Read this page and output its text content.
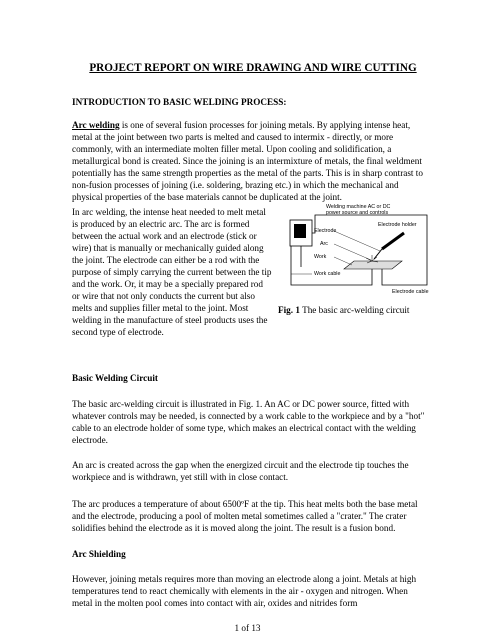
PROJECT REPORT ON WIRE DRAWING AND WIRE CUTTING
INTRODUCTION TO BASIC WELDING PROCESS:

Arc welding is one of several fusion processes for joining metals. By applying intense heat, metal at the joint between two parts is melted and caused to intermix - directly, or more commonly, with an intermediate molten filler metal. Upon cooling and solidification, a metallurgical bond is created. Since the joining is an intermixture of metals, the final weldment potentially has the same strength properties as the metal of the parts. This is in sharp contrast to non-fusion processes of joining (i.e. soldering, brazing etc.) in which the mechanical and physical properties of the base materials cannot be duplicated at the joint.

In arc welding, the intense heat needed to melt metal is produced by an electric arc. The arc is formed between the actual work and an electrode (stick or wire) that is manually or mechanically guided along the joint. The electrode can either be a rod with the purpose of simply carrying the current between the tip and the work. Or, it may be a specially prepared rod or wire that not only conducts the current but also melts and supplies filler metal to the joint. Most welding in the manufacture of steel products uses the second type of electrode.

Welding machine AC or DC power source and controls
Electrode holder
Electrode
Arc
Work
Work cable
Electrode cable
Fig. 1 The basic arc-welding circuit
Basic Welding Circuit

The basic arc-welding circuit is illustrated in Fig. 1. An AC or DC power source, fitted with whatever controls may be needed, is connected by a work cable to the workpiece and by a "hot" cable to an electrode holder of some type, which makes an electrical contact with the welding electrode.

An arc is created across the gap when the energized circuit and the electrode tip touches the workpiece and is withdrawn, yet still with in close contact.

The arc produces a temperature of about 6500ºF at the tip. This heat melts both the base metal and the electrode, producing a pool of molten metal sometimes called a "crater." The crater solidifies behind the electrode as it is moved along the joint. The result is a fusion bond.

Arc Shielding

However, joining metals requires more than moving an electrode along a joint. Metals at high temperatures tend to react chemically with elements in the air - oxygen and nitrogen. When metal in the molten pool comes into contact with air, oxides and nitrides form

1 of 13
